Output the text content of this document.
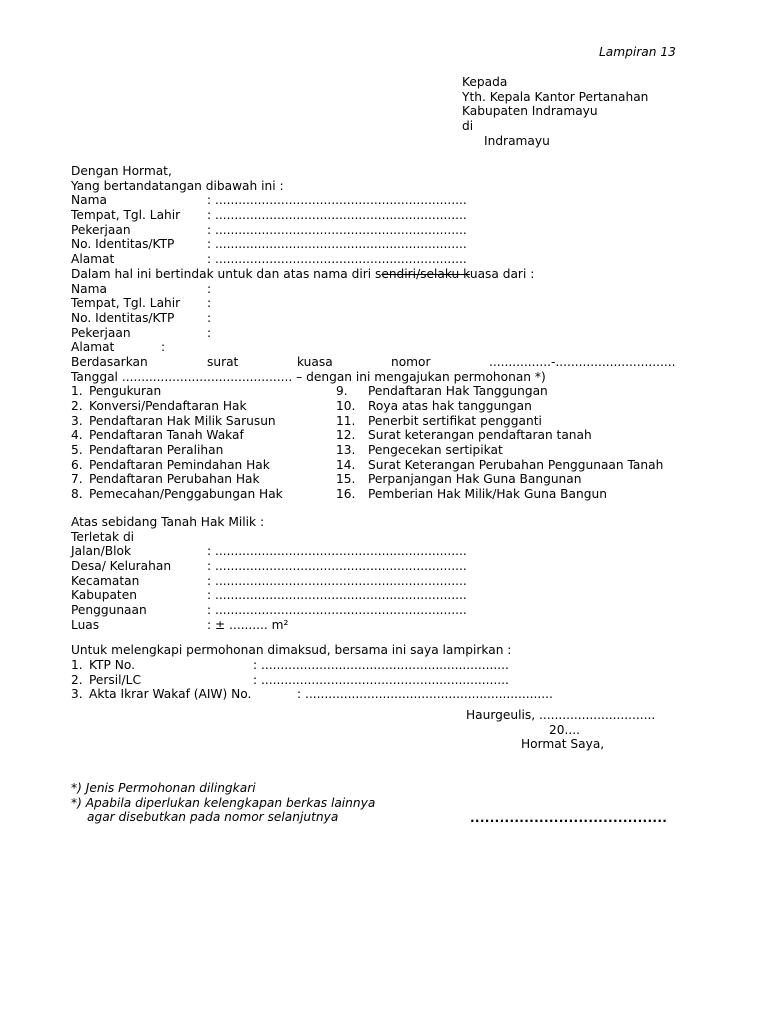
Lampiran 13
Kepada
Yth. Kepala Kantor Pertanahan
Kabupaten Indramayu
di
Indramayu
Dengan Hormat,
Yang bertandatangan dibawah ini :
Nama	: .................................................................
Tempat, Tgl. Lahir : .................................................................
Pekerjaan	: .................................................................
No. Identitas/KTP	: .................................................................
Alamat	: .................................................................
Dalam hal ini bertindak untuk dan atas nama diri sendiri/selaku kuasa dari :
Nama	:
Tempat, Tgl. Lahir :
No. Identitas/KTP	:
Pekerjaan	:
Alamat	:
Berdasarkan	surat	kuasa	nomor	................-...............................
Tanggal ............................................ – dengan ini mengajukan permohonan *)
1. Pengukuran	9. Pendaftaran Hak Tanggungan
2. Konversi/Pendaftaran Hak	10. Roya atas hak tanggungan
3. Pendaftaran Hak Milik Sarusun	11. Penerbit sertifikat pengganti
4. Pendaftaran Tanah Wakaf	12. Surat keterangan pendaftaran tanah
5. Pendaftaran Peralihan	13. Pengecekan sertipikat
6. Pendaftaran Pemindahan Hak	14. Surat Keterangan Perubahan Penggunaan Tanah
7. Pendaftaran Perubahan Hak	15. Perpanjangan Hak Guna Bangunan
8. Pemecahan/Penggabungan Hak	16. Pemberian Hak Milik/Hak Guna Bangun
Atas sebidang Tanah Hak Milik :
Terletak di
Jalan/Blok	: .................................................................
Desa/ Kelurahan	: .................................................................
Kecamatan	: .................................................................
Kabupaten	: .................................................................
Penggunaan	: .................................................................
Luas	: ± .......... m²
Untuk melengkapi permohonan dimaksud, bersama ini saya lampirkan :
1. KTP No.	: ................................................................
2. Persil/LC	: ................................................................
3. Akta Ikrar Wakaf (AIW) No.	: ................................................................
Haurgeulis, ..............................
20....
Hormat Saya,
*) Jenis Permohonan dilingkari
*) Apabila diperlukan kelengkapan berkas lainnya
agar disebutkan pada nomor selanjutnya	........................................
